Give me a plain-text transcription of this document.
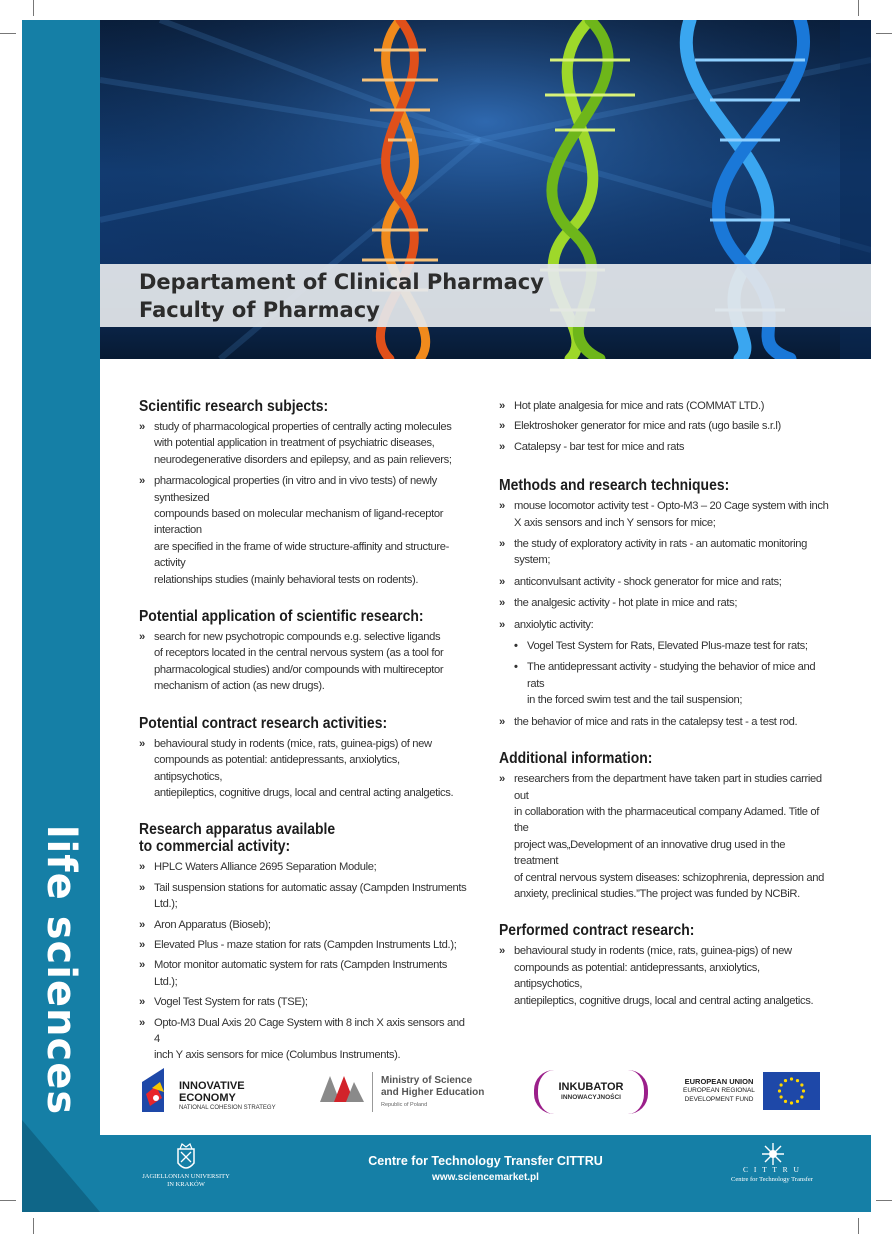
life sciences
Departament of Clinical Pharmacy
Faculty of Pharmacy
Scientific research subjects:
» study of pharmacological properties of centrally acting molecules
with potential application in treatment of psychiatric diseases,
neurodegenerative disorders and epilepsy, and as pain relievers;
» pharmacological properties (in vitro and in vivo tests) of newly synthesized
compounds based on molecular mechanism of ligand-receptor interaction
are specified in the frame of wide structure-affinity and structure-activity
relationships studies (mainly behavioral tests on rodents).
Potential application of scientific research:
» search for new psychotropic compounds e.g. selective ligands
of receptors located in the central nervous system (as a tool for
pharmacological studies) and/or compounds with multireceptor
mechanism of action (as new drugs).
Potential contract research activities:
» behavioural study in rodents (mice, rats, guinea-pigs) of new
compounds as potential: antidepressants, anxiolytics, antipsychotics,
antiepileptics, cognitive drugs, local and central acting analgetics.
Research apparatus available
to commercial activity:
» HPLC Waters Alliance 2695 Separation Module;
» Tail suspension stations for automatic assay (Campden Instruments Ltd.);
» Aron Apparatus (Bioseb);
» Elevated Plus - maze station for rats (Campden Instruments Ltd.);
» Motor monitor automatic system for rats (Campden Instruments Ltd.);
» Vogel Test System for rats (TSE);
» Opto-M3 Dual Axis 20 Cage System with 8 inch X axis sensors and 4
inch Y axis sensors for mice (Columbus Instruments).
» Hot plate analgesia for mice and rats (COMMAT LTD.)
» Elektroshoker generator for mice and rats (ugo basile s.r.l)
» Catalepsy - bar test for mice and rats
Methods and research techniques:
» mouse locomotor activity test - Opto-M3 – 20 Cage system with inch
X axis sensors and inch Y sensors for mice;
» the study of exploratory activity in rats - an automatic monitoring
system;
» anticonvulsant activity - shock generator for mice and rats;
» the analgesic activity - hot plate in mice and rats;
» anxiolytic activity:
• Vogel Test System for Rats, Elevated Plus-maze test for rats;
• The antidepressant activity - studying the behavior of mice and rats
in the forced swim test and the tail suspension;
» the behavior of mice and rats in the catalepsy test - a test rod.
Additional information:
» researchers from the department have taken part in studies carried out
in collaboration with the pharmaceutical company Adamed. Title of the
project was„Development of an innovative drug used in the treatment
of central nervous system diseases: schizophrenia, depression and
anxiety, preclinical studies.”The project was funded by NCBiR.
Performed contract research:
» behavioural study in rodents (mice, rats, guinea-pigs) of new
compounds as potential: antidepressants, anxiolytics, antipsychotics,
antiepileptics, cognitive drugs, local and central acting analgetics.
INNOVATIVE
ECONOMY
NATIONAL COHESION STRATEGY
Ministry of Science
and Higher Education
Republic of Poland
INKUBATOR
INNOWACYJNOŚCI
EUROPEAN UNION
EUROPEAN REGIONAL
DEVELOPMENT FUND
JAGIELLONIAN UNIVERSITY
IN KRAKÓW
Centre for Technology Transfer CITTRU
www.sciencemarket.pl
C I T T R U
Centre for Technology Transfer
